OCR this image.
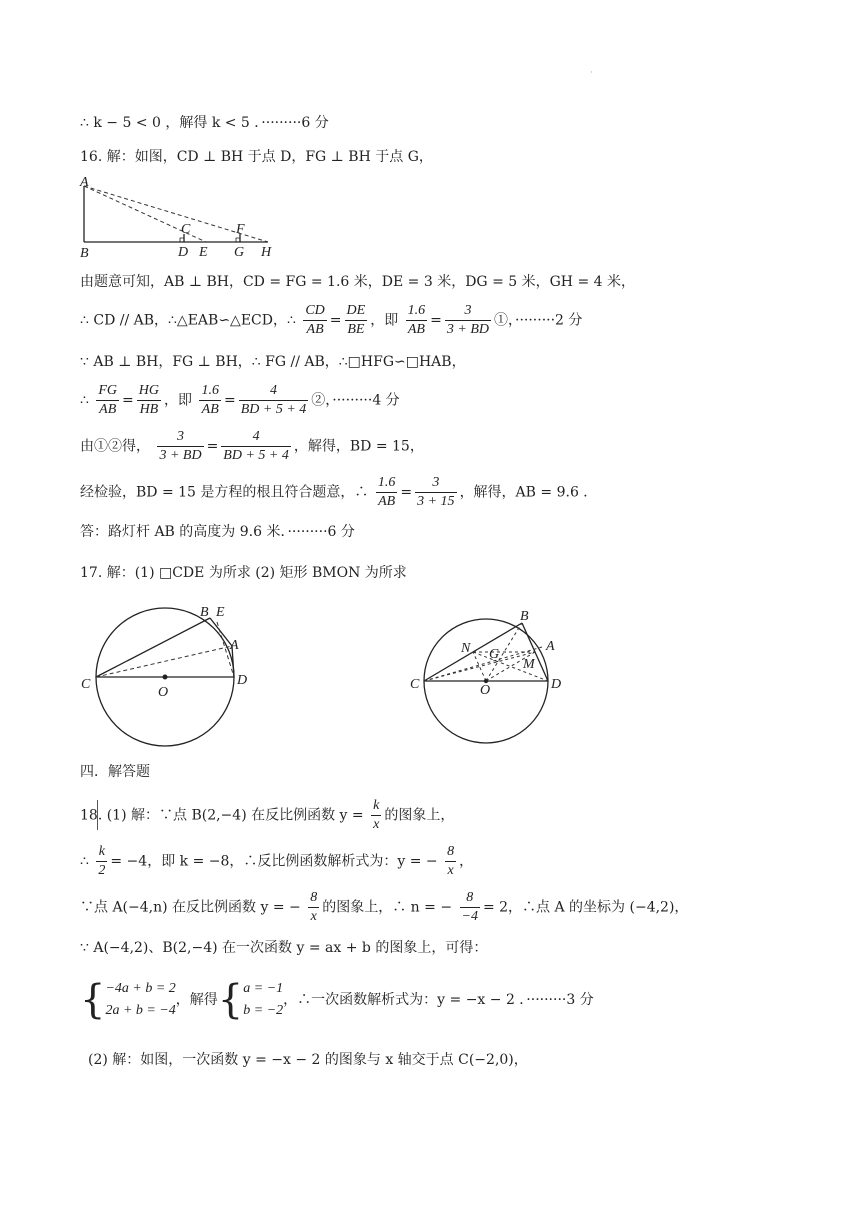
·
∴ k − 5 < 0 ，解得 k < 5 ．·········6 分
16. 解：如图，CD ⊥ BH 于点 D，FG ⊥ BH 于点 G，
A
B
C	F
D E G H
由题意可知，AB ⊥ BH，CD = FG = 1.6 米，DE = 3 米，DG = 5 米，GH = 4 米，
∴ CD // AB，∴△EAB∽△ECD，∴ $\frac{CD}{AB} = \frac{DE}{BE}$ ，即 $\frac{1.6}{AB} = \frac{3}{3 + BD}$ ①，·········2 分
∵ AB ⊥ BH，FG ⊥ BH，∴ FG // AB，∴□HFG∽□HAB，
∴ $\frac{FG}{AB} = \frac{HG}{HB}$ ，即 $\frac{1.6}{AB} = \frac{4}{BD + 5 + 4}$ ②，·········4 分
由①②得， $\frac{3}{3 + BD} = \frac{4}{BD + 5 + 4}$ ，解得，BD = 15，
经检验，BD = 15 是方程的根且符合题意，∴ $\frac{1.6}{AB} = \frac{3}{3 + 15}$ ，解得，AB = 9.6 ．
答：路灯杆 AB 的高度为 9.6 米．·········6 分
17. 解：(1) □CDE 为所求 (2) 矩形 BMON 为所求
B E
A
C
O
D
B
A
N G
M
C	O	D
四．解答题
18. (1) 解：∵点 B(2,−4) 在反比例函数 $y = \frac{k}{x}$ 的图象上，
∴ $\frac{k}{2} = -4$，即 k = −8，∴反比例函数解析式为：y = − $\frac{8}{x}$ ，
∵点 A(−4,n) 在反比例函数 y = − $\frac{8}{x}$ 的图象上，∴ n = − $\frac{8}{-4} = 2$，∴点 A 的坐标为 (−4,2)，
∵ A(−4,2)、B(2,−4) 在一次函数 y = ax + b 的图象上，可得：
{ −4a + b = 2
2a + b = −4
，解得{ a = −1
b = −2
，∴一次函数解析式为：y = −x − 2 ．·········3 分
(2) 解：如图，一次函数 y = −x − 2 的图象与 x 轴交于点 C(−2,0)，
